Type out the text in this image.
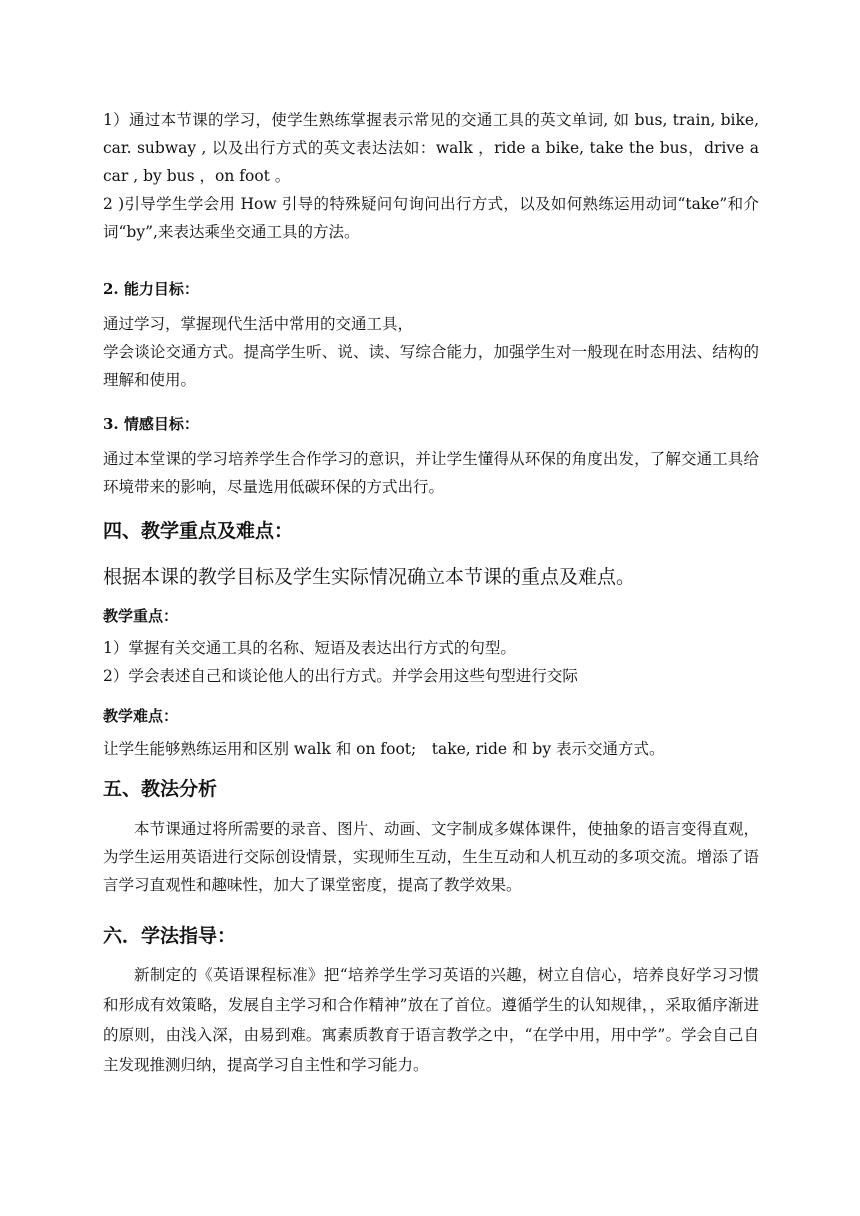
1）通过本节课的学习，使学生熟练掌握表示常见的交通工具的英文单词, 如 bus, train, bike, car. subway , 以及出行方式的英文表达法如：walk ，ride a bike, take the bus，drive a car , by bus ，on foot 。

2 )引导学生学会用 How 引导的特殊疑问句询问出行方式，以及如何熟练运用动词“take”和介词“by”,来表达乘坐交通工具的方法。

2. 能力目标：

通过学习，掌握现代生活中常用的交通工具，

学会谈论交通方式。提高学生听、说、读、写综合能力，加强学生对一般现在时态用法、结构的理解和使用。

3. 情感目标：

通过本堂课的学习培养学生合作学习的意识，并让学生懂得从环保的角度出发，了解交通工具给环境带来的影响，尽量选用低碳环保的方式出行。

四、教学重点及难点：

根据本课的教学目标及学生实际情况确立本节课的重点及难点。

教学重点：

1）掌握有关交通工具的名称、短语及表达出行方式的句型。

2）学会表述自己和谈论他人的出行方式。并学会用这些句型进行交际

教学难点：

让学生能够熟练运用和区别 walk 和 on foot;　take, ride 和 by 表示交通方式。

五、教法分析

本节课通过将所需要的录音、图片、动画、文字制成多媒体课件，使抽象的语言变得直观，为学生运用英语进行交际创设情景，实现师生互动，生生互动和人机互动的多项交流。增添了语言学习直观性和趣味性，加大了课堂密度，提高了教学效果。

六．学法指导：

新制定的《英语课程标准》把“培养学生学习英语的兴趣，树立自信心，培养良好学习习惯和形成有效策略，发展自主学习和合作精神”放在了首位。遵循学生的认知规律，，采取循序渐进的原则，由浅入深，由易到难。寓素质教育于语言教学之中，“在学中用，用中学”。学会自己自主发现推测归纳，提高学习自主性和学习能力。
